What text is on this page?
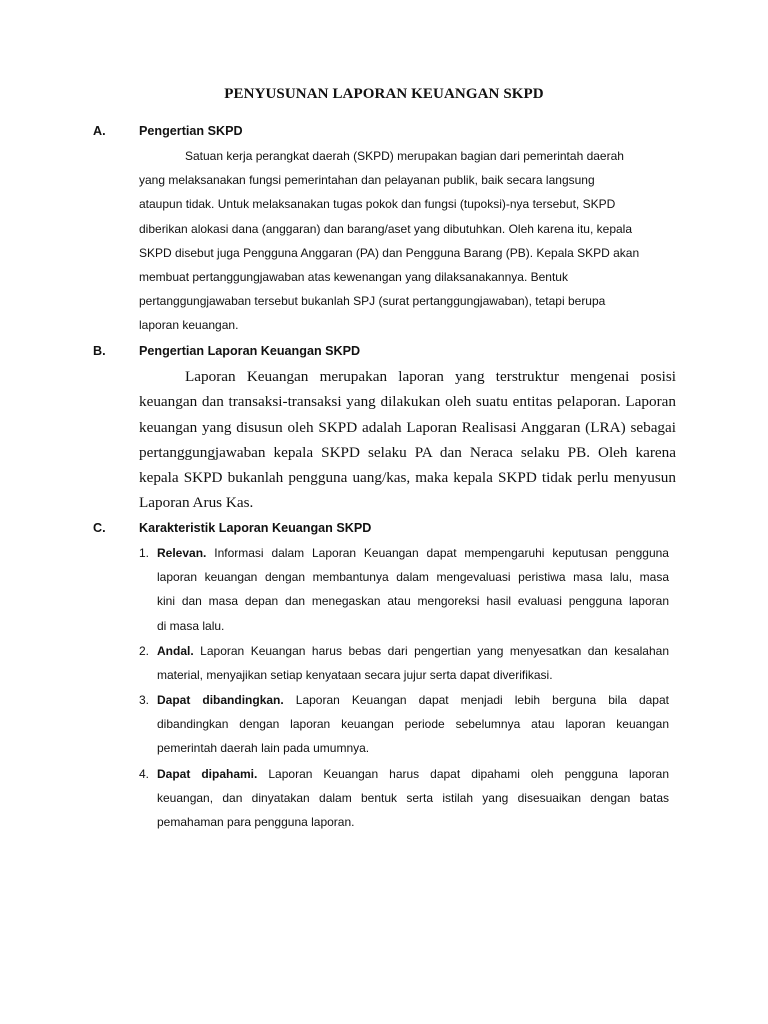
PENYUSUNAN LAPORAN KEUANGAN SKPD
A.	Pengertian SKPD
Satuan kerja perangkat daerah (SKPD) merupakan bagian dari pemerintah daerah
yang melaksanakan fungsi pemerintahan dan pelayanan publik, baik secara langsung
ataupun tidak. Untuk melaksanakan tugas pokok dan fungsi (tupoksi)-nya tersebut, SKPD
diberikan alokasi dana (anggaran) dan barang/aset yang dibutuhkan. Oleh karena itu, kepala
SKPD disebut juga Pengguna Anggaran (PA) dan Pengguna Barang (PB). Kepala SKPD akan
membuat pertanggungjawaban atas kewenangan yang dilaksanakannya. Bentuk
pertanggungjawaban tersebut bukanlah SPJ (surat pertanggungjawaban), tetapi berupa
laporan keuangan.
B.	Pengertian Laporan Keuangan SKPD
Laporan Keuangan merupakan laporan yang terstruktur mengenai posisi
keuangan dan transaksi-transaksi yang dilakukan oleh suatu entitas pelaporan. Laporan
keuangan yang disusun oleh SKPD adalah Laporan Realisasi Anggaran (LRA) sebagai
pertanggungjawaban kepala SKPD selaku PA dan Neraca selaku PB. Oleh karena
kepala SKPD bukanlah pengguna uang/kas, maka kepala SKPD tidak perlu menyusun
Laporan Arus Kas.
C.	Karakteristik Laporan Keuangan SKPD
1. Relevan. Informasi dalam Laporan Keuangan dapat mempengaruhi keputusan pengguna
laporan keuangan dengan membantunya dalam mengevaluasi peristiwa masa lalu, masa
kini dan masa depan dan menegaskan atau mengoreksi hasil evaluasi pengguna laporan
di masa lalu.
2. Andal. Laporan Keuangan harus bebas dari pengertian yang menyesatkan dan kesalahan
material, menyajikan setiap kenyataan secara jujur serta dapat diverifikasi.
3. Dapat dibandingkan. Laporan Keuangan dapat menjadi lebih berguna bila dapat
dibandingkan dengan laporan keuangan periode sebelumnya atau laporan keuangan
pemerintah daerah lain pada umumnya.
4. Dapat dipahami. Laporan Keuangan harus dapat dipahami oleh pengguna laporan
keuangan, dan dinyatakan dalam bentuk serta istilah yang disesuaikan dengan batas
pemahaman para pengguna laporan.
